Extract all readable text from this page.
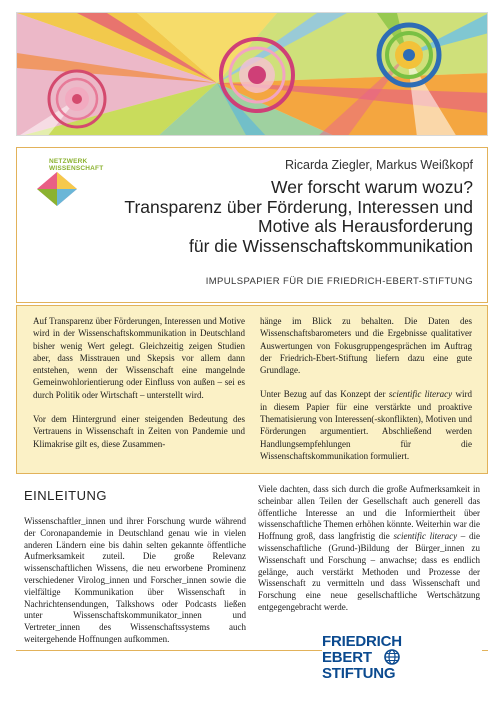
NETZWERK
WISSENSCHAFT	Ricarda Ziegler, Markus Weißkopf
Wer forscht warum wozu?
Transparenz über Förderung, Interessen und
Motive als Herausforderung
für die Wissenschaftskommunikation
IMPULSPAPIER FÜR DIE FRIEDRICH-EBERT-STIFTUNG

Auf Transparenz über Förderungen, Interessen und Motive wird in der Wissenschaftskommunikation in Deutschland bisher wenig Wert gelegt. Gleichzeitig zeigen Studien aber, dass Misstrauen und Skepsis vor allem dann entstehen, wenn der Wissenschaft eine mangelnde Gemeinwohlorientierung oder Einfluss von außen – sei es durch Politik oder Wirtschaft – unterstellt wird.

Vor dem Hintergrund einer steigenden Bedeutung des Vertrauens in Wissenschaft in Zeiten von Pandemie und Klimakrise gilt es, diese Zusammen-

hänge im Blick zu behalten. Die Daten des Wissenschaftsbarometers und die Ergebnisse qualitativer Auswertungen von Fokusgruppengesprächen im Auftrag der Friedrich-Ebert-Stiftung liefern dazu eine gute Grundlage.

Unter Bezug auf das Konzept der scientific literacy wird in diesem Papier für eine verstärkte und proaktive Thematisierung von Interessen(-skonflikten), Motiven und Förderungen argumentiert. Abschließend werden Handlungsempfehlungen für die Wissenschaftskommunikation formuliert.

EINLEITUNG
Wissenschaftler_innen und ihrer Forschung wurde während der Coronapandemie in Deutschland genau wie in vielen anderen Ländern eine bis dahin selten gekannte öffentliche Aufmerksamkeit zuteil. Die große Relevanz wissenschaftlichen Wissens, die neu erworbene Prominenz verschiedener Virolog_innen und Forscher_innen sowie die vielfältige Kommunikation über Wissenschaft in Nachrichtensendungen, Talkshows oder Podcasts ließen unter Wissenschaftskommunikator_innen und Vertreter_innen des Wissenschaftssystems auch weitergehende Hoffnungen aufkommen.
Viele dachten, dass sich durch die große Aufmerksamkeit in scheinbar allen Teilen der Gesellschaft auch generell das öffentliche Interesse an und die Informiertheit über wissenschaftliche Themen erhöhen könnte. Weiterhin war die Hoffnung groß, dass langfristig die scientific literacy – die wissenschaftliche (Grund-)Bildung der Bürger_innen zu Wissenschaft und Forschung – anwachse; dass es endlich gelänge, auch verstärkt Methoden und Prozesse der Wissenschaft zu vermitteln und dass Wissenschaft und Forschung eine neue gesellschaftliche Wertschätzung entgegengebracht werde.
FRIEDRICH
EBERT
STIFTUNG
